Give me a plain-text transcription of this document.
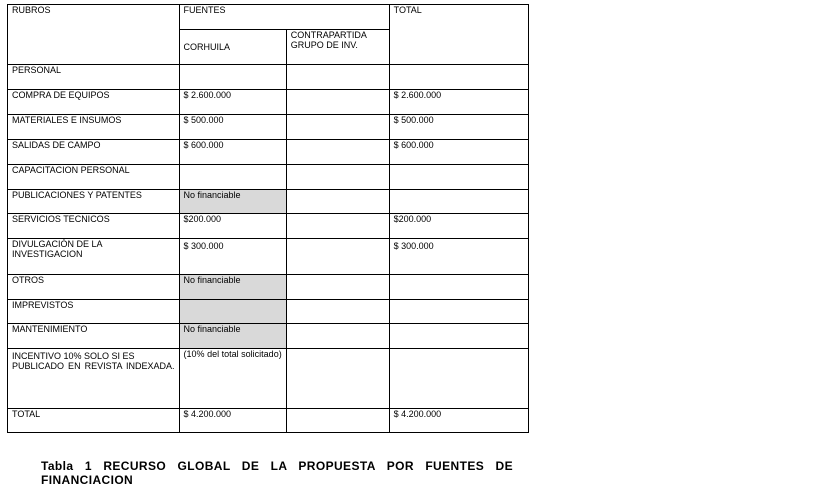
RUBROS	FUENTES		TOTAL
	CORHUILA	CONTRAPARTIDA GRUPO DE INV.	
PERSONAL			
COMPRA DE EQUIPOS	$ 2.600.000		$ 2.600.000
MATERIALES E INSUMOS	$ 500.000		$ 500.000
SALIDAS DE CAMPO	$ 600.000		$ 600.000
CAPACITACION PERSONAL			
PUBLICACIONES Y PATENTES	No financiable		
SERVICIOS TECNICOS	$200.000		$200.000
DIVULGACIÓN DE LA INVESTIGACION	$ 300.000		$ 300.000
OTROS	No financiable		
IMPREVISTOS			
MANTENIMIENTO	No financiable		
INCENTIVO 10% SOLO SI ES PUBLICADO EN REVISTA INDEXADA.	(10% del total solicitado)		
TOTAL	$ 4.200.000		$ 4.200.000
Tabla 1 RECURSO GLOBAL DE LA PROPUESTA POR FUENTES DE FINANCIACION
